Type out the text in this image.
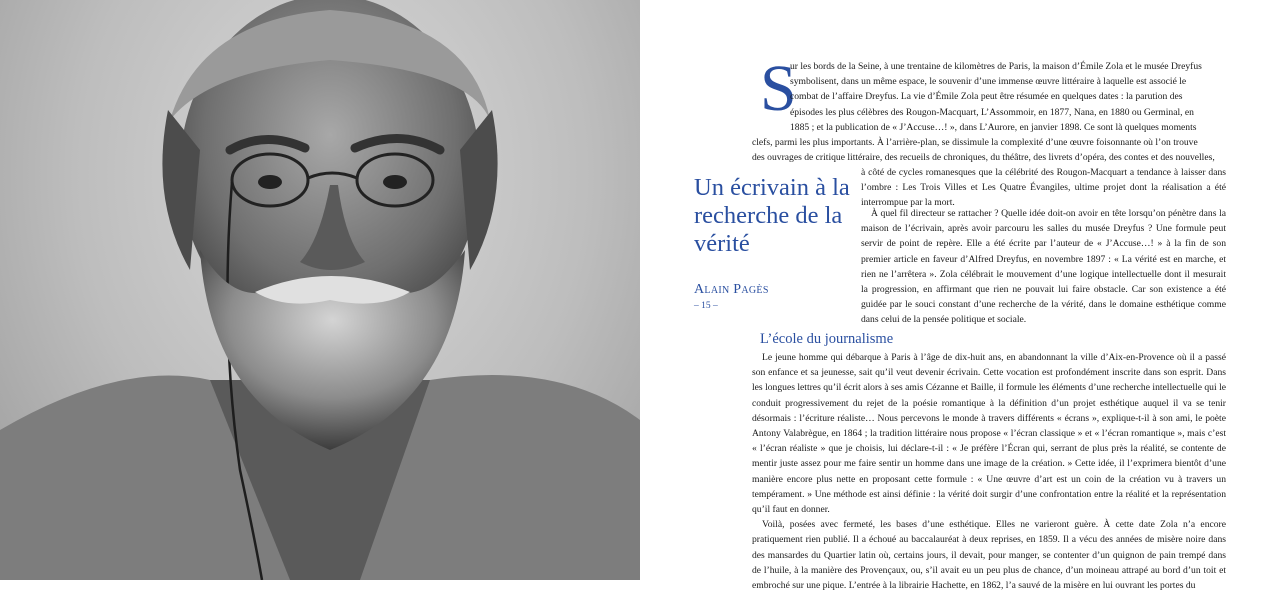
S

ur les bords de la Seine, à une trentaine de kilomètres de Paris, la maison d’Émile Zola et le musée Dreyfus

symbolisent, dans un même espace, le souvenir d’une immense œuvre littéraire à laquelle est associé le

combat de l’affaire Dreyfus. La vie d’Émile Zola peut être résumée en quelques dates : la parution des

épisodes les plus célèbres des Rougon-Macquart, L’Assommoir, en 1877, Nana, en 1880 ou Germinal, en

1885 ; et la publication de « J’Accuse…! », dans L’Aurore, en janvier 1898. Ce sont là quelques moments

clefs, parmi les plus importants. À l’arrière-plan, se dissimule la complexité d’une œuvre foisonnante où l’on trouve

des ouvrages de critique littéraire, des recueils de chroniques, du théâtre, des livrets d’opéra, des contes et des nouvelles,

à côté de cycles romanesques que la célébrité des Rougon-Macquart a tendance à laisser dans l’ombre : Les Trois Villes et Les Quatre Évangiles, ultime projet dont la réalisation a été interrompue par la mort.

À quel fil directeur se rattacher ? Quelle idée doit-on avoir en tête lorsqu’on pénètre dans la maison de l’écrivain, après avoir parcouru les salles du musée Dreyfus ? Une formule peut servir de point de repère. Elle a été écrite par l’auteur de « J’Accuse…! » à la fin de son premier article en faveur d’Alfred Dreyfus, en novembre 1897 : « La vérité est en marche, et rien ne l’arrêtera ». Zola célébrait le mouvement d’une logique intellectuelle dont il mesurait la progression, en affirmant que rien ne pouvait lui faire obstacle. Car son existence a été guidée par le souci constant d’une recherche de la vérité, dans le domaine esthétique comme dans celui de la pensée politique et sociale.

Un écrivain à la recherche de la vérité
Alain Pagès
– 15 –
L’école du journalisme

Le jeune homme qui débarque à Paris à l’âge de dix-huit ans, en abandonnant la ville d’Aix-en-Provence où il a passé son enfance et sa jeunesse, sait qu’il veut devenir écrivain. Cette vocation est profondément inscrite dans son esprit. Dans les longues lettres qu’il écrit alors à ses amis Cézanne et Baille, il formule les éléments d’une recherche intellectuelle qui le conduit progressivement du rejet de la poésie romantique à la définition d’un projet esthétique auquel il va se tenir désormais : l’écriture réaliste… Nous percevons le monde à travers différents « écrans », explique-t-il à son ami, le poète Antony Valabrègue, en 1864 ; la tradition littéraire nous propose « l’écran classique » et « l’écran romantique », mais c’est « l’écran réaliste » que je choisis, lui déclare-t-il : « Je préfère l’Écran qui, serrant de plus près la réalité, se contente de mentir juste assez pour me faire sentir un homme dans une image de la création. » Cette idée, il l’exprimera bientôt d’une manière encore plus nette en proposant cette formule : « Une œuvre d’art est un coin de la création vu à travers un tempérament. » Une méthode est ainsi définie : la vérité doit surgir d’une confrontation entre la réalité et la représentation qu’il faut en donner.

Voilà, posées avec fermeté, les bases d’une esthétique. Elles ne varieront guère. À cette date Zola n’a encore pratiquement rien publié. Il a échoué au baccalauréat à deux reprises, en 1859. Il a vécu des années de misère noire dans des mansardes du Quartier latin où, certains jours, il devait, pour manger, se contenter d’un quignon de pain trempé dans de l’huile, à la manière des Provençaux, ou, s’il avait eu un peu plus de chance, d’un moineau attrapé au bord d’un toit et embroché sur une pique. L’entrée à la librairie Hachette, en 1862, l’a sauvé de la misère en lui ouvrant les portes du
